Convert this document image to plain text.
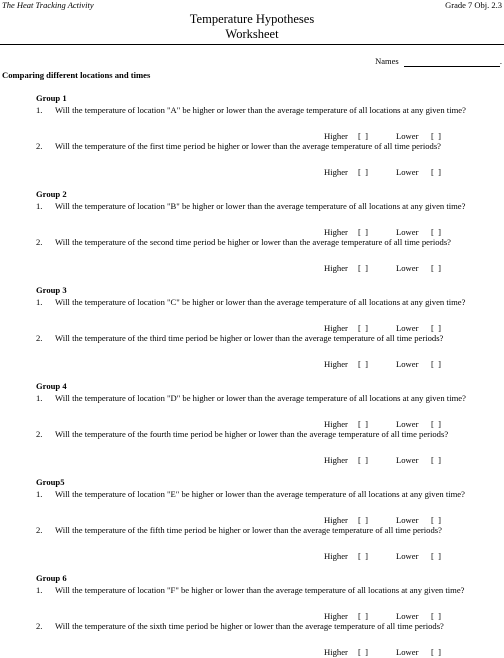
The Heat Tracking Activity	Grade 7 Obj. 2.3
Temperature Hypotheses
Worksheet
Names	.
Comparing different locations and times
Group 1
1. Will the temperature of location "A" be higher or lower than the average temperature of all locations at any given time?
Higher [  ]	Lower [  ]
2. Will the temperature of the first time period be higher or lower than the average temperature of all time periods?
Higher [  ]	Lower [  ]
Group 2
1. Will the temperature of location "B" be higher or lower than the average temperature of all locations at any given time?
Higher [  ]	Lower [  ]
2. Will the temperature of the second time period be higher or lower than the average temperature of all time periods?
Higher [  ]	Lower [  ]
Group 3
1. Will the temperature of location "C" be higher or lower than the average temperature of all locations at any given time?
Higher [  ]	Lower [  ]
2. Will the temperature of the third time period be higher or lower than the average temperature of all time periods?
Higher [  ]	Lower [  ]
Group 4
1. Will the temperature of location "D" be higher or lower than the average temperature of all locations at any given time?
Higher [  ]	Lower [  ]
2. Will the temperature of the fourth time period be higher or lower than the average temperature of all time periods?
Higher [  ]	Lower [  ]
Group5
1. Will the temperature of location "E" be higher or lower than the average temperature of all locations at any given time?
Higher [  ]	Lower [  ]
2. Will the temperature of the fifth time period be higher or lower than the average temperature of all time periods?
Higher [  ]	Lower [  ]
Group 6
1. Will the temperature of location "F" be higher or lower than the average temperature of all locations at any given time?
Higher [  ]	Lower [  ]
2. Will the temperature of the sixth time period be higher or lower than the average temperature of all time periods?
Higher [  ]	Lower [  ]
